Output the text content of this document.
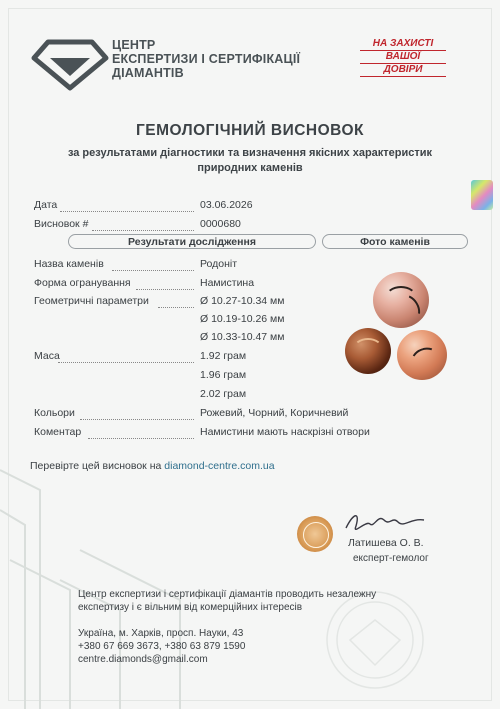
ЦЕНТР
ЕКСПЕРТИЗИ І СЕРТИФІКАЦІЇ
ДІАМАНТІВ
НА ЗАХИСТІ
ВАШОЇ
ДОВІРИ
ГЕМОЛОГІЧНИЙ ВИСНОВОК
за результатами діагностики та визначення якісних характеристик
природних каменів
Дата	03.06.2026
Висновок #	0000680
Результати дослідження	Фото каменів
Назва каменів	Родоніт
Форма огранування	Намистина
Геометричні параметри	Ø 10.27-10.34 мм
Ø 10.19-10.26 мм
Ø 10.33-10.47 мм
Маса	1.92 грам
1.96 грам
2.02 грам
Кольори	Рожевий, Чорний, Коричневий
Коментар	Намистини мають наскрізні отвори
Перевірте цей висновок на diamond-centre.com.ua
Латишева О. В.
експерт-гемолог
Центр експертизи і сертифікації діамантів проводить незалежну
експертизу і є вільним від комерційних інтересів
Україна, м. Харків, просп. Науки, 43
+380 67 669 3673, +380 63 879 1590
centre.diamonds@gmail.com
